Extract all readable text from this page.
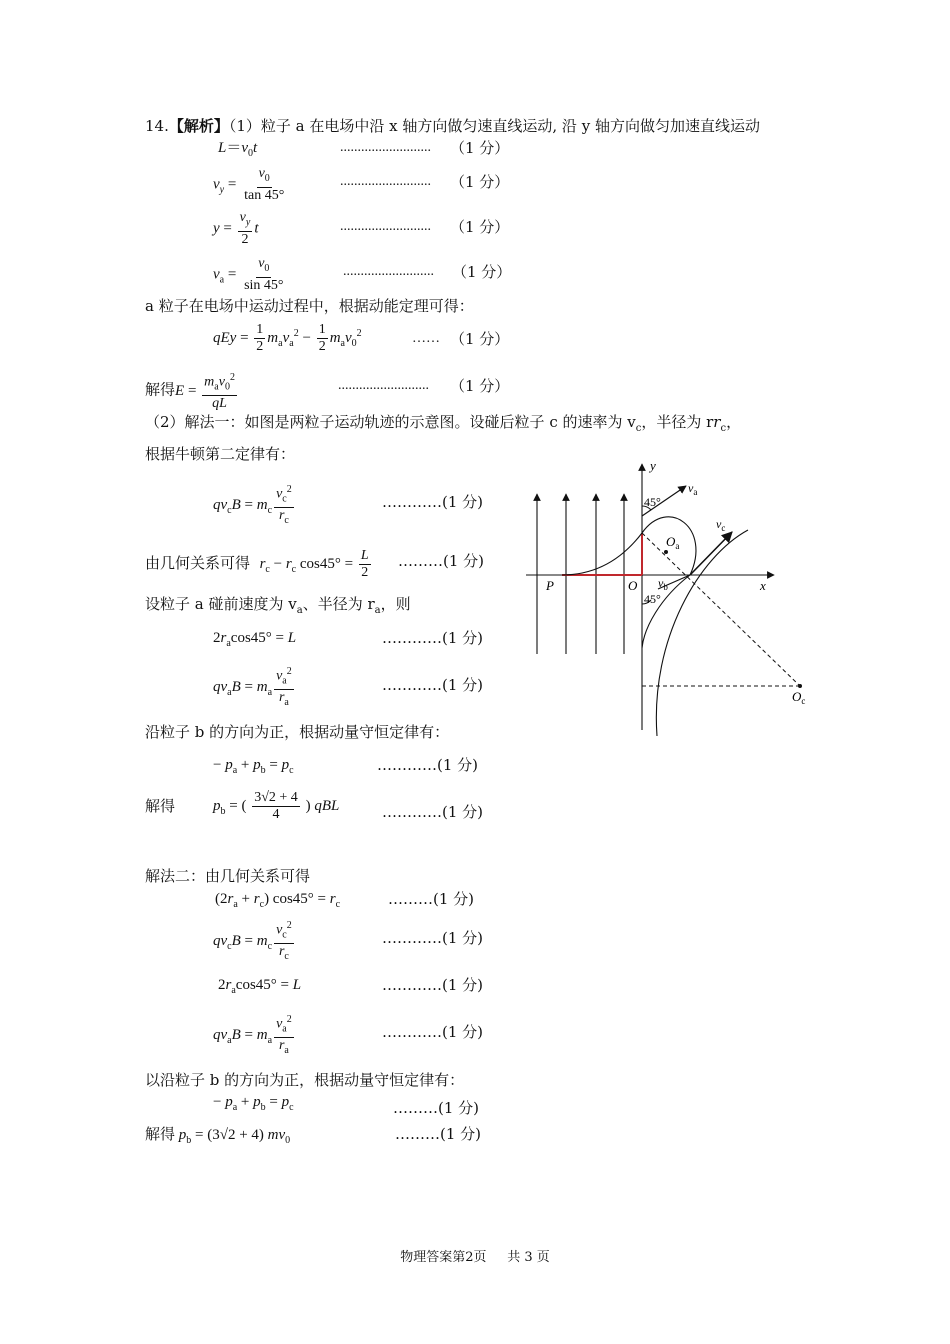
14.【解析】（1）粒子 a 在电场中沿 x 轴方向做匀速直线运动, 沿 y 轴方向做匀加速直线运动
$L=v_0t$	.......................... （1 分）
$v_y = \frac{v_0}{\tan 45^\circ}$	.......................... （1 分）
$y = \frac{v_y}{2}$ t	.......................... （1 分）
$v_a = \frac{v_0}{\sin 45^\circ}$	.......................... （1 分）
a 粒子在电场中运动过程中，根据动能定理可得：
qEy = $\frac{1}{2} m_av_a^2 - \frac{1}{2} m_av_0^2$	…… （1 分）
解得$E = \frac{m_av_0^2}{qL}$	.......................... （1 分）
（2）解法一：如图是两粒子运动轨迹的示意图。设碰后粒子 c 的速率为 $v_c$，半径为 $rr_c$，
根据牛顿第二定律有：
$qv_cB = m_c \frac{v_c^2}{r_c}$	…………(1 分)
由几何关系可得 $r_c - r_c$ $\cos 45^\circ = \frac{L}{2}$ ………(1 分)
设粒子 a 碰前速度为 $v_a$、半径为 $r_a$，则
$2r_a\cos 45^\circ = L$	…………(1 分)
$qv_aB = m_a \frac{v_a^2}{r_a}$	…………(1 分)
沿粒子 b 的方向为正，根据动量守恒定律有：
− $p_a + p_b = p_c$	…………(1 分)
解得	$p_b$ = ( $\frac{3√2 + 4}{4}$ ) qBL	…………(1 分)
解法二：由几何关系可得
$(2r_a + r_c) \cos 45^\circ = r_c$	………(1 分)
$qv_cB = m_c \frac{v_c^2}{r_c}$	…………(1 分)
$2r_a\cos 45^\circ = L$	…………(1 分)
$qv_aB = m_a \frac{v_a^2}{r_a}$	…………(1 分)
以沿粒子 b 的方向为正，根据动量守恒定律有：
− $p_a + p_b = p_c$	………(1 分)
解得 $p_b = (3√2 + 4)$ $mv_0$	………(1 分)
y
x
P	O
$O_a$
$O_c$
$v_a$
$v_c$
$v_b$
45°
45°
物理答案第2页 共 3 页
